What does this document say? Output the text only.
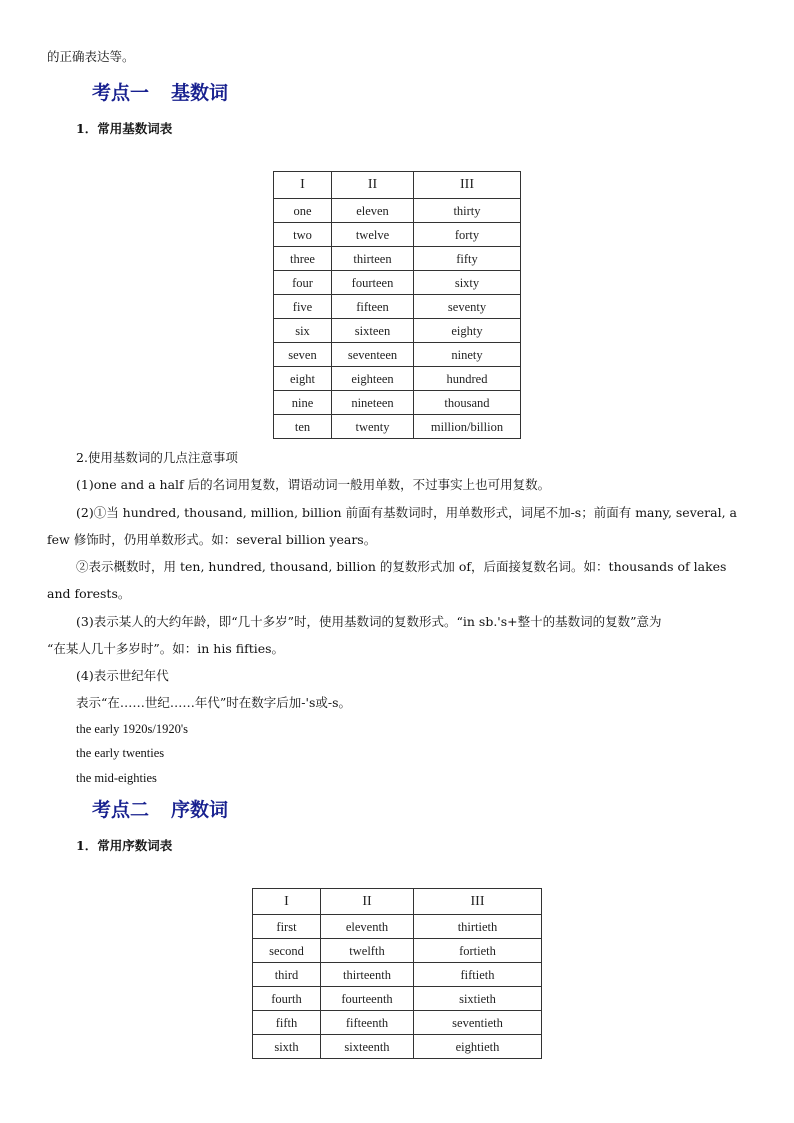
的正确表达等。
考点一 基数词
1．常用基数词表
I	II	III
one	eleven	thirty
two	twelve	forty
three	thirteen	fifty
four	fourteen	sixty
five	fifteen	seventy
six	sixteen	eighty
seven	seventeen	ninety
eight	eighteen	hundred
nine	nineteen	thousand
ten	twenty	million/billion
2.使用基数词的几点注意事项
(1)one and a half 后的名词用复数，谓语动词一般用单数，不过事实上也可用复数。
(2)①当 hundred, thousand, million, billion 前面有基数词时，用单数形式，词尾不加-s；前面有 many, several, a
few 修饰时，仍用单数形式。如：several billion years。
②表示概数时，用 ten, hundred, thousand, billion 的复数形式加 of，后面接复数名词。如：thousands of lakes
and forests。
(3)表示某人的大约年龄，即“几十多岁”时，使用基数词的复数形式。“in sb.'s+整十的基数词的复数”意为
“在某人几十多岁时”。如：in his fifties。
(4)表示世纪年代
表示“在……世纪……年代”时在数字后加-'s或-s。
the early 1920s/1920's
the early twenties
the mid-eighties
考点二 序数词
1．常用序数词表
I	II	III
first	eleventh	thirtieth
second	twelfth	fortieth
third	thirteenth	fiftieth
fourth	fourteenth	sixtieth
fifth	fifteenth	seventieth
sixth	sixteenth	eightieth
